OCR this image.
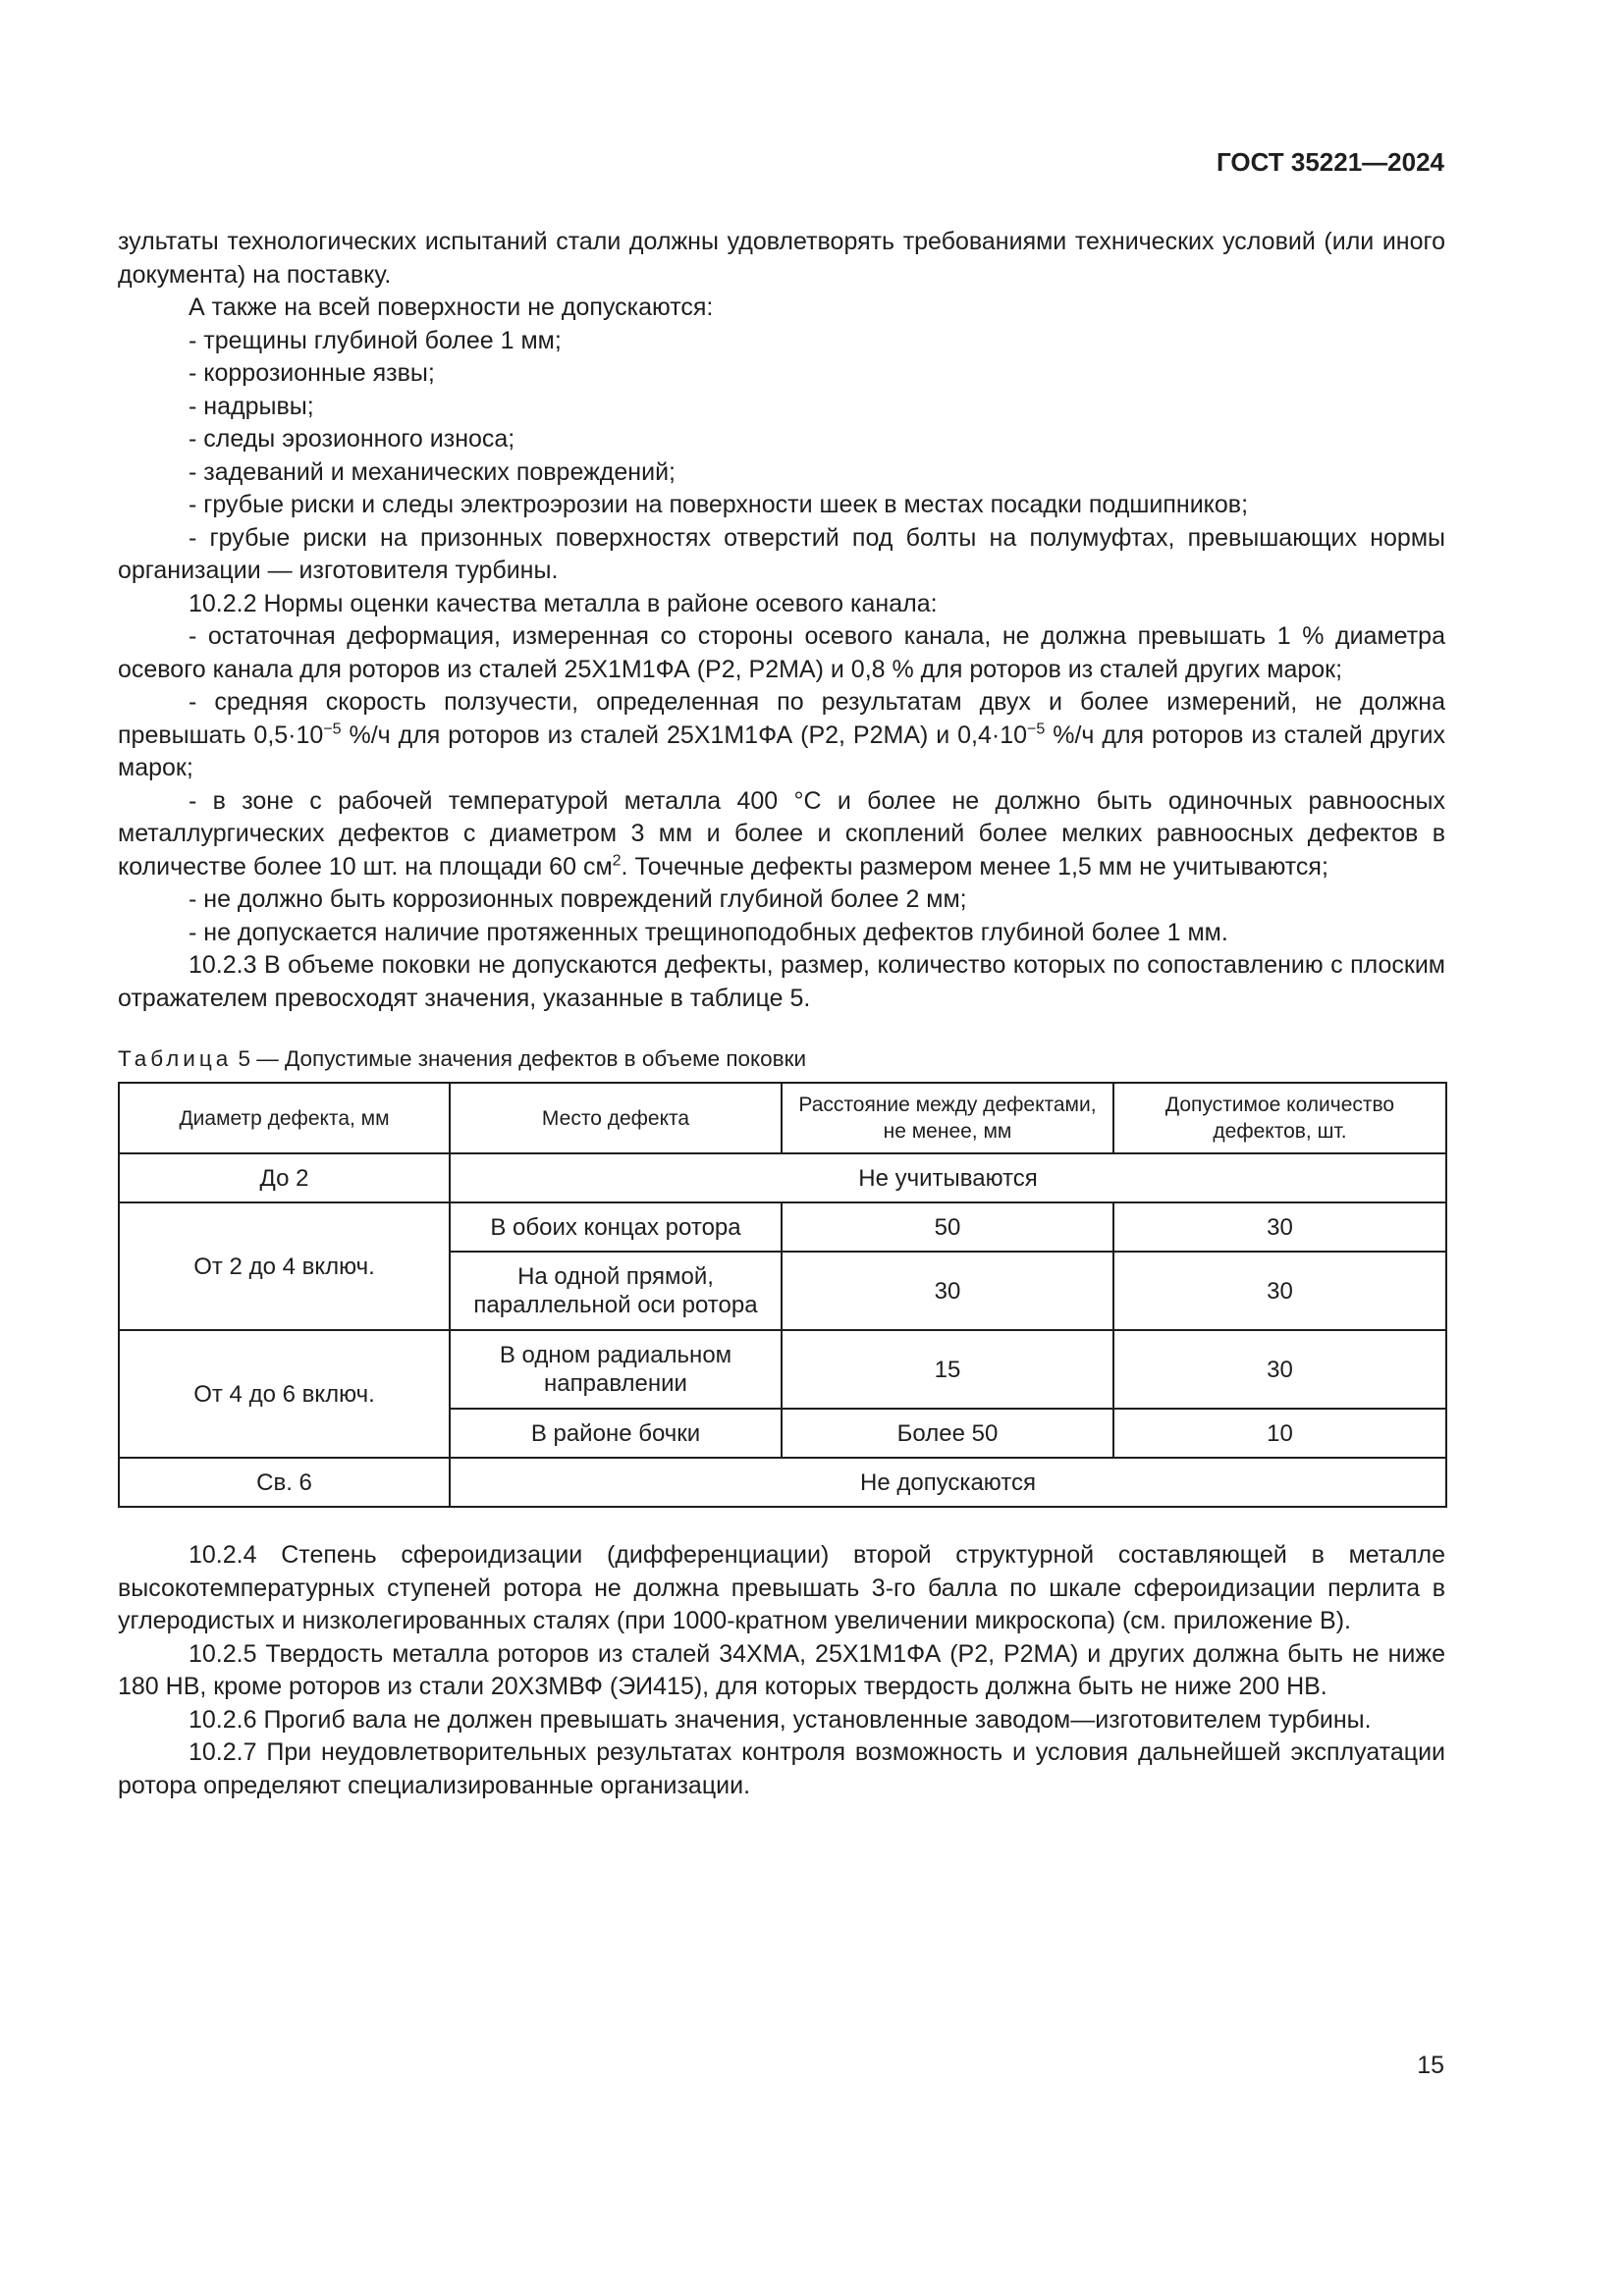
ГОСТ 35221—2024

зультаты технологических испытаний стали должны удовлетворять требованиями технических условий (или иного документа) на поставку.

А также на всей поверхности не допускаются:

- трещины глубиной более 1 мм;

- коррозионные язвы;

- надрывы;

- следы эрозионного износа;

- задеваний и механических повреждений;

- грубые риски и следы электроэрозии на поверхности шеек в местах посадки подшипников;

- грубые риски на призонных поверхностях отверстий под болты на полумуфтах, превышающих нормы организации — изготовителя турбины.

10.2.2 Нормы оценки качества металла в районе осевого канала:

- остаточная деформация, измеренная со стороны осевого канала, не должна превышать 1 % диаметра осевого канала для роторов из сталей 25Х1М1ФА (Р2, Р2МА) и 0,8 % для роторов из сталей других марок;

- средняя скорость ползучести, определенная по результатам двух и более измерений, не должна превышать $0,5\cdot 10^{-5}$ %/ч для роторов из сталей 25Х1М1ФА (Р2, Р2МА) и $0,4\cdot 10^{-5}$ %/ч для роторов из сталей других марок;

- в зоне с рабочей температурой металла 400 °С и более не должно быть одиночных равноосных металлургических дефектов с диаметром 3 мм и более и скоплений более мелких равноосных дефектов в количестве более 10 шт. на площади 60 $см^2$. Точечные дефекты размером менее 1,5 мм не учитываются;

- не должно быть коррозионных повреждений глубиной более 2 мм;

- не допускается наличие протяженных трещиноподобных дефектов глубиной более 1 мм.

10.2.3 В объеме поковки не допускаются дефекты, размер, количество которых по сопоставлению с плоским отражателем превосходят значения, указанные в таблице 5.

Таблица 5 — Допустимые значения дефектов в объеме поковки

Диаметр дефекта, мм	Место дефекта	Расстояние между дефектами, не менее, мм	Допустимое количество дефектов, шт.
До 2	Не учитываются		
От 2 до 4 включ.	В обоих концах ротора	50	30
	На одной прямой, параллельной оси ротора	30	30
От 4 до 6 включ.	В одном радиальном направлении	15	30
	В районе бочки	Более 50	10
Св. 6	Не допускаются		

10.2.4 Степень сфероидизации (дифференциации) второй структурной составляющей в металле высокотемпературных ступеней ротора не должна превышать 3-го балла по шкале сфероидизации перлита в углеродистых и низколегированных сталях (при 1000-кратном увеличении микроскопа) (см. приложение В).

10.2.5 Твердость металла роторов из сталей 34ХМА, 25Х1М1ФА (Р2, Р2МА) и других должна быть не ниже 180 НВ, кроме роторов из стали 20Х3МВФ (ЭИ415), для которых твердость должна быть не ниже 200 НВ.

10.2.6 Прогиб вала не должен превышать значения, установленные заводом—изготовителем турбины.

10.2.7 При неудовлетворительных результатах контроля возможность и условия дальнейшей эксплуатации ротора определяют специализированные организации.

15
